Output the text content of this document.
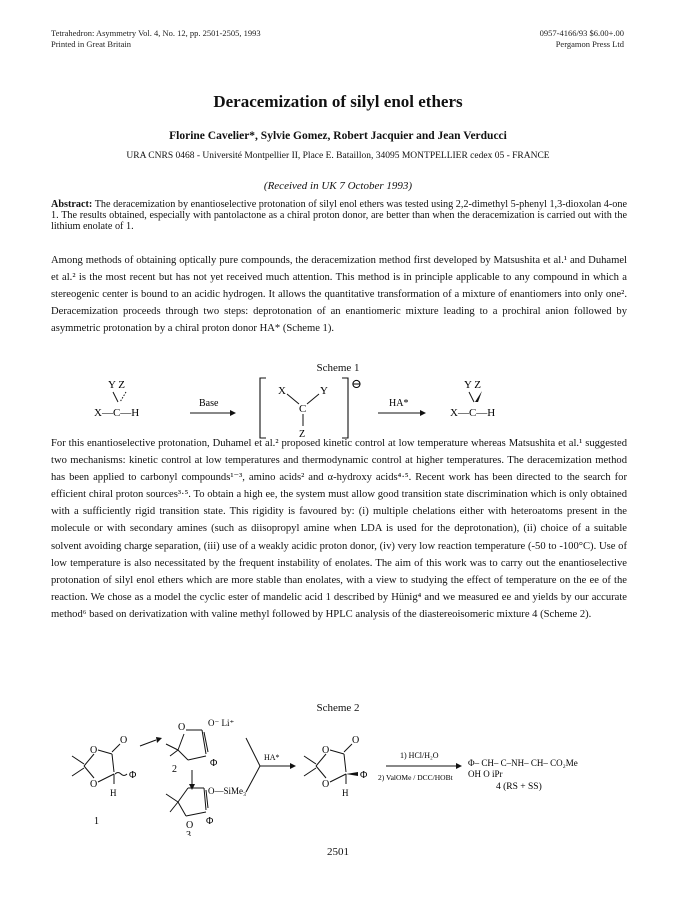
Tetrahedron: Asymmetry Vol. 4, No. 12, pp. 2501-2505, 1993
Printed in Great Britain
0957-4166/93 $6.00+.00
Pergamon Press Ltd
Deracemization of silyl enol ethers
Florine Cavelier*, Sylvie Gomez, Robert Jacquier and Jean Verducci
URA CNRS 0468 - Université Montpellier II, Place E. Bataillon, 34095 MONTPELLIER cedex 05 - FRANCE
(Received in UK 7 October 1993)
Abstract: The deracemization by enantioselective protonation of silyl enol ethers was tested using 2,2-dimethyl 5-phenyl 1,3-dioxolan 4-one 1. The results obtained, especially with pantolactone as a chiral proton donor, are better than when the deracemization is carried out with the lithium enolate of 1.
Among methods of obtaining optically pure compounds, the deracemization method first developed by Matsushita et al.¹ and Duhamel et al.² is the most recent but has not yet received much attention. This method is in principle applicable to any compound in which a stereogenic center is bound to an acidic hydrogen. It allows the quantitative transformation of a mixture of enantiomers into only one². Deracemization proceeds through two steps: deprotonation of an enantiomeric mixture leading to a prochiral anion followed by asymmetric protonation by a chiral proton donor HA* (Scheme 1).
Scheme 1
Y Z
X—C—H
Base
X	Y
C
Z
⊖
HA*
Y Z
X—C—H
For this enantioselective protonation, Duhamel et al.² proposed kinetic control at low temperature whereas Matsushita et al.¹ suggested two mechanisms: kinetic control at low temperatures and thermodynamic control at higher temperatures. The deracemization method has been applied to carbonyl compounds¹⁻³, amino acids² and α-hydroxy acids⁴·⁵. Recent work has been directed to the search for efficient chiral proton sources³·⁵. To obtain a high ee, the system must allow good transition state discrimination which is only obtained with a sufficiently rigid transition state. This rigidity is favoured by: (i) multiple chelations either with heteroatoms present in the molecule or with secondary amines (such as diisopropyl amine when LDA is used for the deprotonation), (ii) choice of a suitable solvent avoiding charge separation, (iii) use of a weakly acidic proton donor, (iv) very low reaction temperature (-50 to -100°C). Use of low temperature is also necessitated by the frequent instability of enolates. The aim of this work was to carry out the enantioselective protonation of silyl enol ethers which are more stable than enolates, with a view to studying the effect of temperature on the ee of the reaction. We chose as a model the cyclic ester of mandelic acid 1 described by Hünig⁴ and we measured ee and yields by our accurate method⁶ based on derivatization with valine methyl followed by HPLC analysis of the diastereoisomeric mixture 4 (Scheme 2).
Scheme 2
O
O
O
Φ
H
1
O	O⁻ Li⁺
Φ
2
O—SiMe₃
Φ
O
3
HA*
O
O
O
Φ
H
1) HCl/H₂O
2) ValOMe / DCC/HOBt
Φ– CH– C–NH– CH– CO₂Me
OH O iPr
4 (RS + SS)
2501
